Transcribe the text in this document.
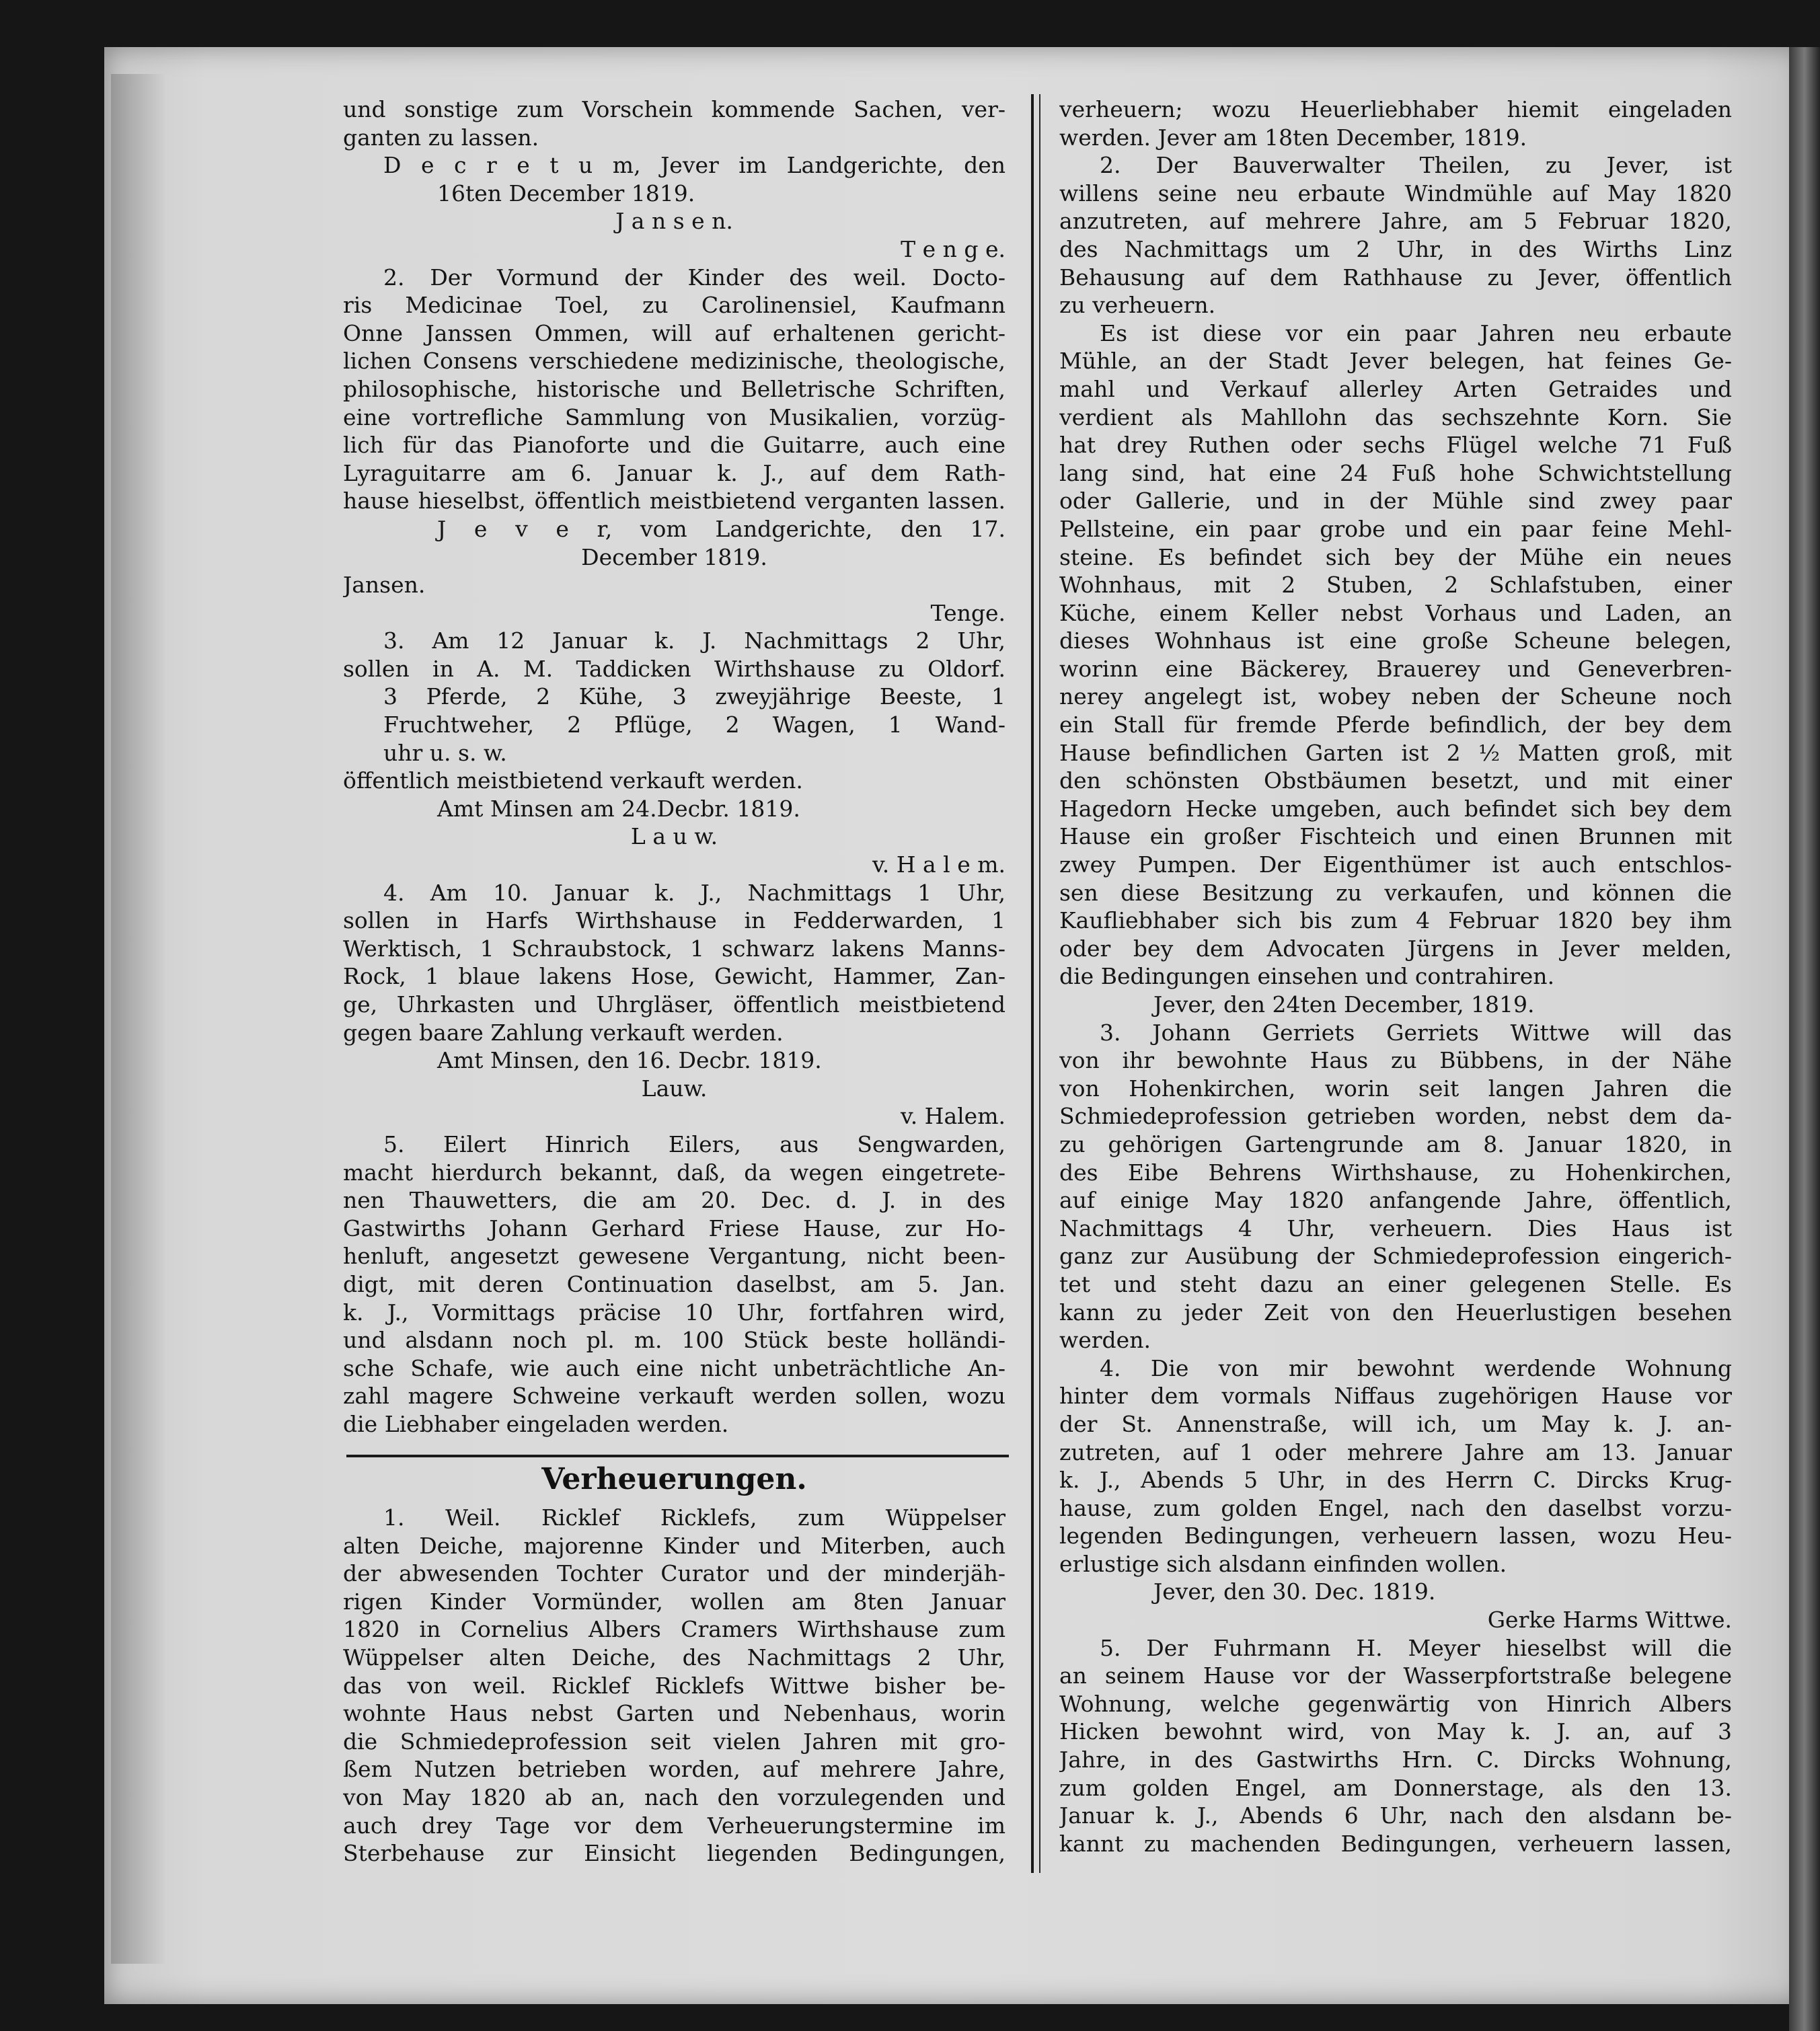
und sonstige zum Vorschein kommende Sachen, ver-
ganten zu lassen.
D e c r e t u m, Jever im Landgerichte, den
16ten December 1819.
J a n s e n.
T e n g e.
2. Der Vormund der Kinder des weil. Docto-
ris Medicinae Toel, zu Carolinensiel, Kaufmann
Onne Janssen Ommen, will auf erhaltenen gericht-
lichen Consens verschiedene medizinische, theologische,
philosophische, historische und Belletrische Schriften,
eine vortrefliche Sammlung von Musikalien, vorzüg-
lich für das Pianoforte und die Guitarre, auch eine
Lyraguitarre am 6. Januar k. J., auf dem Rath-
hause hieselbst, öffentlich meistbietend verganten lassen.
J e v e r, vom Landgerichte, den 17.
December 1819.
Jansen.
Tenge.
3. Am 12 Januar k. J. Nachmittags 2 Uhr,
sollen in A. M. Taddicken Wirthshause zu Oldorf.
3 Pferde, 2 Kühe, 3 zweyjährige Beeste, 1
Fruchtweher, 2 Pflüge, 2 Wagen, 1 Wand-
uhr u. s. w.
öffentlich meistbietend verkauft werden.
Amt Minsen am 24.Decbr. 1819.
L a u w.
v. H a l e m.
4. Am 10. Januar k. J., Nachmittags 1 Uhr,
sollen in Harfs Wirthshause in Fedderwarden, 1
Werktisch, 1 Schraubstock, 1 schwarz lakens Manns-
Rock, 1 blaue lakens Hose, Gewicht, Hammer, Zan-
ge, Uhrkasten und Uhrgläser, öffentlich meistbietend
gegen baare Zahlung verkauft werden.
Amt Minsen, den 16. Decbr. 1819.
Lauw.
v. Halem.
5. Eilert Hinrich Eilers, aus Sengwarden,
macht hierdurch bekannt, daß, da wegen eingetrete-
nen Thauwetters, die am 20. Dec. d. J. in des
Gastwirths Johann Gerhard Friese Hause, zur Ho-
henluft, angesetzt gewesene Vergantung, nicht been-
digt, mit deren Continuation daselbst, am 5. Jan.
k. J., Vormittags präcise 10 Uhr, fortfahren wird,
und alsdann noch pl. m. 100 Stück beste holländi-
sche Schafe, wie auch eine nicht unbeträchtliche An-
zahl magere Schweine verkauft werden sollen, wozu
die Liebhaber eingeladen werden.
Verheuerungen.
1. Weil. Ricklef Ricklefs, zum Wüppelser
alten Deiche, majorenne Kinder und Miterben, auch
der abwesenden Tochter Curator und der minderjäh-
rigen Kinder Vormünder, wollen am 8ten Januar
1820 in Cornelius Albers Cramers Wirthshause zum
Wüppelser alten Deiche, des Nachmittags 2 Uhr,
das von weil. Ricklef Ricklefs Wittwe bisher be-
wohnte Haus nebst Garten und Nebenhaus, worin
die Schmiedeprofession seit vielen Jahren mit gro-
ßem Nutzen betrieben worden, auf mehrere Jahre,
von May 1820 ab an, nach den vorzulegenden und
auch drey Tage vor dem Verheuerungstermine im
Sterbehause zur Einsicht liegenden Bedingungen,
verheuern; wozu Heuerliebhaber hiemit eingeladen
werden. Jever am 18ten December, 1819.
2. Der Bauverwalter Theilen, zu Jever, ist
willens seine neu erbaute Windmühle auf May 1820
anzutreten, auf mehrere Jahre, am 5 Februar 1820,
des Nachmittags um 2 Uhr, in des Wirths Linz
Behausung auf dem Rathhause zu Jever, öffentlich
zu verheuern.
Es ist diese vor ein paar Jahren neu erbaute
Mühle, an der Stadt Jever belegen, hat feines Ge-
mahl und Verkauf allerley Arten Getraides und
verdient als Mahllohn das sechszehnte Korn. Sie
hat drey Ruthen oder sechs Flügel welche 71 Fuß
lang sind, hat eine 24 Fuß hohe Schwichtstellung
oder Gallerie, und in der Mühle sind zwey paar
Pellsteine, ein paar grobe und ein paar feine Mehl-
steine. Es befindet sich bey der Mühe ein neues
Wohnhaus, mit 2 Stuben, 2 Schlafstuben, einer
Küche, einem Keller nebst Vorhaus und Laden, an
dieses Wohnhaus ist eine große Scheune belegen,
worinn eine Bäckerey, Brauerey und Geneverbren-
nerey angelegt ist, wobey neben der Scheune noch
ein Stall für fremde Pferde befindlich, der bey dem
Hause befindlichen Garten ist 2 ½ Matten groß, mit
den schönsten Obstbäumen besetzt, und mit einer
Hagedorn Hecke umgeben, auch befindet sich bey dem
Hause ein großer Fischteich und einen Brunnen mit
zwey Pumpen. Der Eigenthümer ist auch entschlos-
sen diese Besitzung zu verkaufen, und können die
Kaufliebhaber sich bis zum 4 Februar 1820 bey ihm
oder bey dem Advocaten Jürgens in Jever melden,
die Bedingungen einsehen und contrahiren.
Jever, den 24ten December, 1819.
3. Johann Gerriets Gerriets Wittwe will das
von ihr bewohnte Haus zu Bübbens, in der Nähe
von Hohenkirchen, worin seit langen Jahren die
Schmiedeprofession getrieben worden, nebst dem da-
zu gehörigen Gartengrunde am 8. Januar 1820, in
des Eibe Behrens Wirthshause, zu Hohenkirchen,
auf einige May 1820 anfangende Jahre, öffentlich,
Nachmittags 4 Uhr, verheuern. Dies Haus ist
ganz zur Ausübung der Schmiedeprofession eingerich-
tet und steht dazu an einer gelegenen Stelle. Es
kann zu jeder Zeit von den Heuerlustigen besehen
werden.
4. Die von mir bewohnt werdende Wohnung
hinter dem vormals Niffaus zugehörigen Hause vor
der St. Annenstraße, will ich, um May k. J. an-
zutreten, auf 1 oder mehrere Jahre am 13. Januar
k. J., Abends 5 Uhr, in des Herrn C. Dircks Krug-
hause, zum golden Engel, nach den daselbst vorzu-
legenden Bedingungen, verheuern lassen, wozu Heu-
erlustige sich alsdann einfinden wollen.
Jever, den 30. Dec. 1819.
Gerke Harms Wittwe.
5. Der Fuhrmann H. Meyer hieselbst will die
an seinem Hause vor der Wasserpfortstraße belegene
Wohnung, welche gegenwärtig von Hinrich Albers
Hicken bewohnt wird, von May k. J. an, auf 3
Jahre, in des Gastwirths Hrn. C. Dircks Wohnung,
zum golden Engel, am Donnerstage, als den 13.
Januar k. J., Abends 6 Uhr, nach den alsdann be-
kannt zu machenden Bedingungen, verheuern lassen,
